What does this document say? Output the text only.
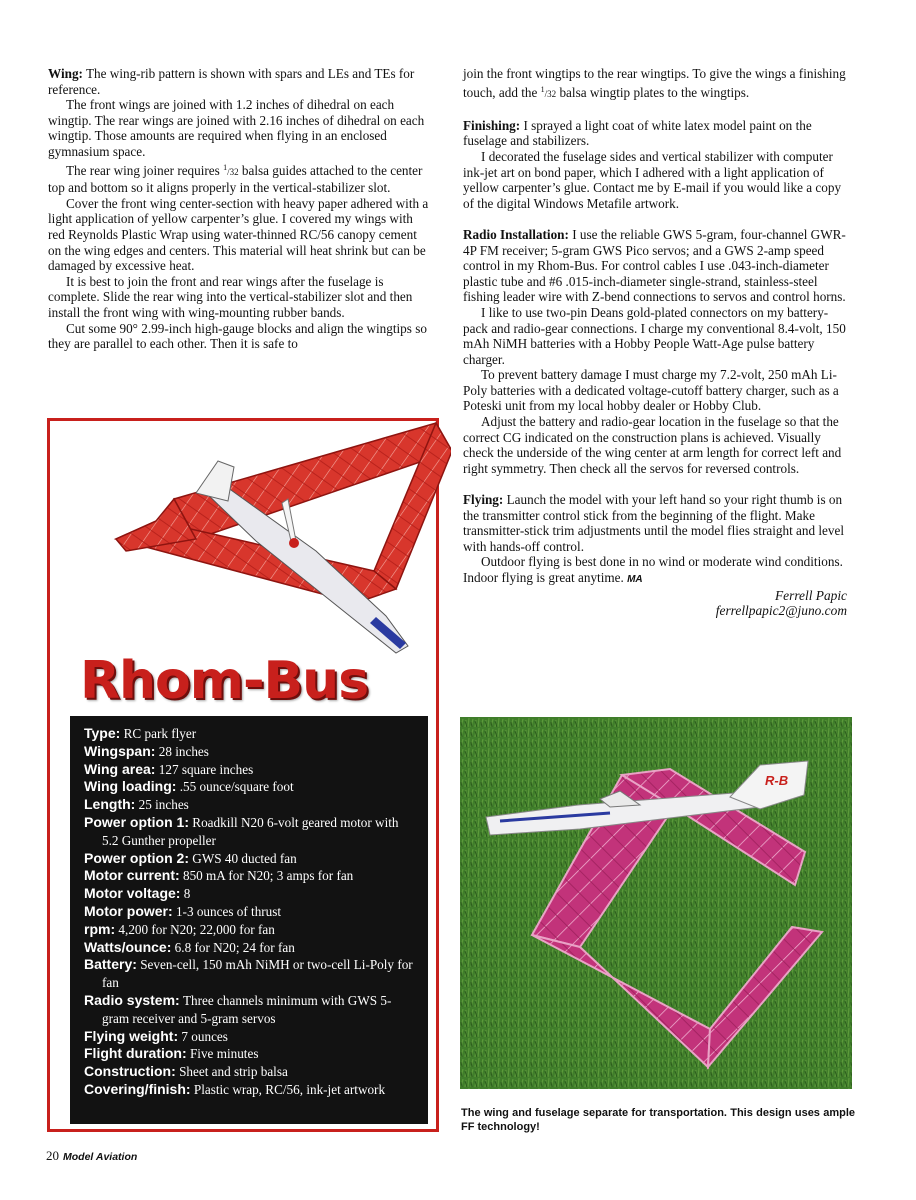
Wing: The wing-rib pattern is shown with spars and LEs and TEs for reference.

The front wings are joined with 1.2 inches of dihedral on each wingtip. The rear wings are joined with 2.16 inches of dihedral on each wingtip. Those amounts are required when flying in an enclosed gymnasium space.

The rear wing joiner requires $^1$/32 balsa guides attached to the center top and bottom so it aligns properly in the vertical-stabilizer slot.

Cover the front wing center-section with heavy paper adhered with a light application of yellow carpenter’s glue. I covered my wings with red Reynolds Plastic Wrap using water-thinned RC/56 canopy cement on the wing edges and centers. This material will heat shrink but can be damaged by excessive heat.

It is best to join the front and rear wings after the fuselage is complete. Slide the rear wing into the vertical-stabilizer slot and then install the front wing with wing-mounting rubber bands.

Cut some 90° 2.99-inch high-gauge blocks and align the wingtips so they are parallel to each other. Then it is safe to

join the front wingtips to the rear wingtips. To give the wings a finishing touch, add the $^1$/32 balsa wingtip plates to the wingtips.

Finishing: I sprayed a light coat of white latex model paint on the fuselage and stabilizers.

I decorated the fuselage sides and vertical stabilizer with computer ink-jet art on bond paper, which I adhered with a light application of yellow carpenter’s glue. Contact me by E-mail if you would like a copy of the digital Windows Metafile artwork.

Radio Installation: I use the reliable GWS 5-gram, four-channel GWR-4P FM receiver; 5-gram GWS Pico servos; and a GWS 2-amp speed control in my Rhom-Bus. For control cables I use .043-inch-diameter plastic tube and #6 .015-inch-diameter single-strand, stainless-steel fishing leader wire with Z-bend connections to servos and control horns.

I like to use two-pin Deans gold-plated connectors on my battery-pack and radio-gear connections. I charge my conventional 8.4-volt, 150 mAh NiMH batteries with a Hobby People Watt-Age pulse battery charger.

To prevent battery damage I must charge my 7.2-volt, 250 mAh Li-Poly batteries with a dedicated voltage-cutoff battery charger, such as a Poteski unit from my local hobby dealer or Hobby Club.

Adjust the battery and radio-gear location in the fuselage so that the correct CG indicated on the construction plans is achieved. Visually check the underside of the wing center at arm length for correct left and right symmetry. Then check all the servos for reversed controls.

Flying: Launch the model with your left hand so your right thumb is on the transmitter control stick from the beginning of the flight. Make transmitter-stick trim adjustments until the model flies straight and level with hands-off control.

Outdoor flying is best done in no wind or moderate wind conditions. Indoor flying is great anytime. MA

Ferrell Papic
ferrellpapic2@juno.com
Rhom-Bus
Type: RC park flyer
Wingspan: 28 inches
Wing area: 127 square inches
Wing loading: .55 ounce/square foot
Length: 25 inches
Power option 1: Roadkill N20 6-volt geared motor with 5.2 Gunther propeller
Power option 2: GWS 40 ducted fan
Motor current: 850 mA for N20; 3 amps for fan
Motor voltage: 8
Motor power: 1-3 ounces of thrust
rpm: 4,200 for N20; 22,000 for fan
Watts/ounce: 6.8 for N20; 24 for fan
Battery: Seven-cell, 150 mAh NiMH or two-cell Li-Poly for fan
Radio system: Three channels minimum with GWS 5-gram receiver and 5-gram servos
Flying weight: 7 ounces
Flight duration: Five minutes
Construction: Sheet and strip balsa
Covering/finish: Plastic wrap, RC/56, ink-jet artwork
R-B
The wing and fuselage separate for transportation. This design uses ample FF technology!
20 Model Aviation
